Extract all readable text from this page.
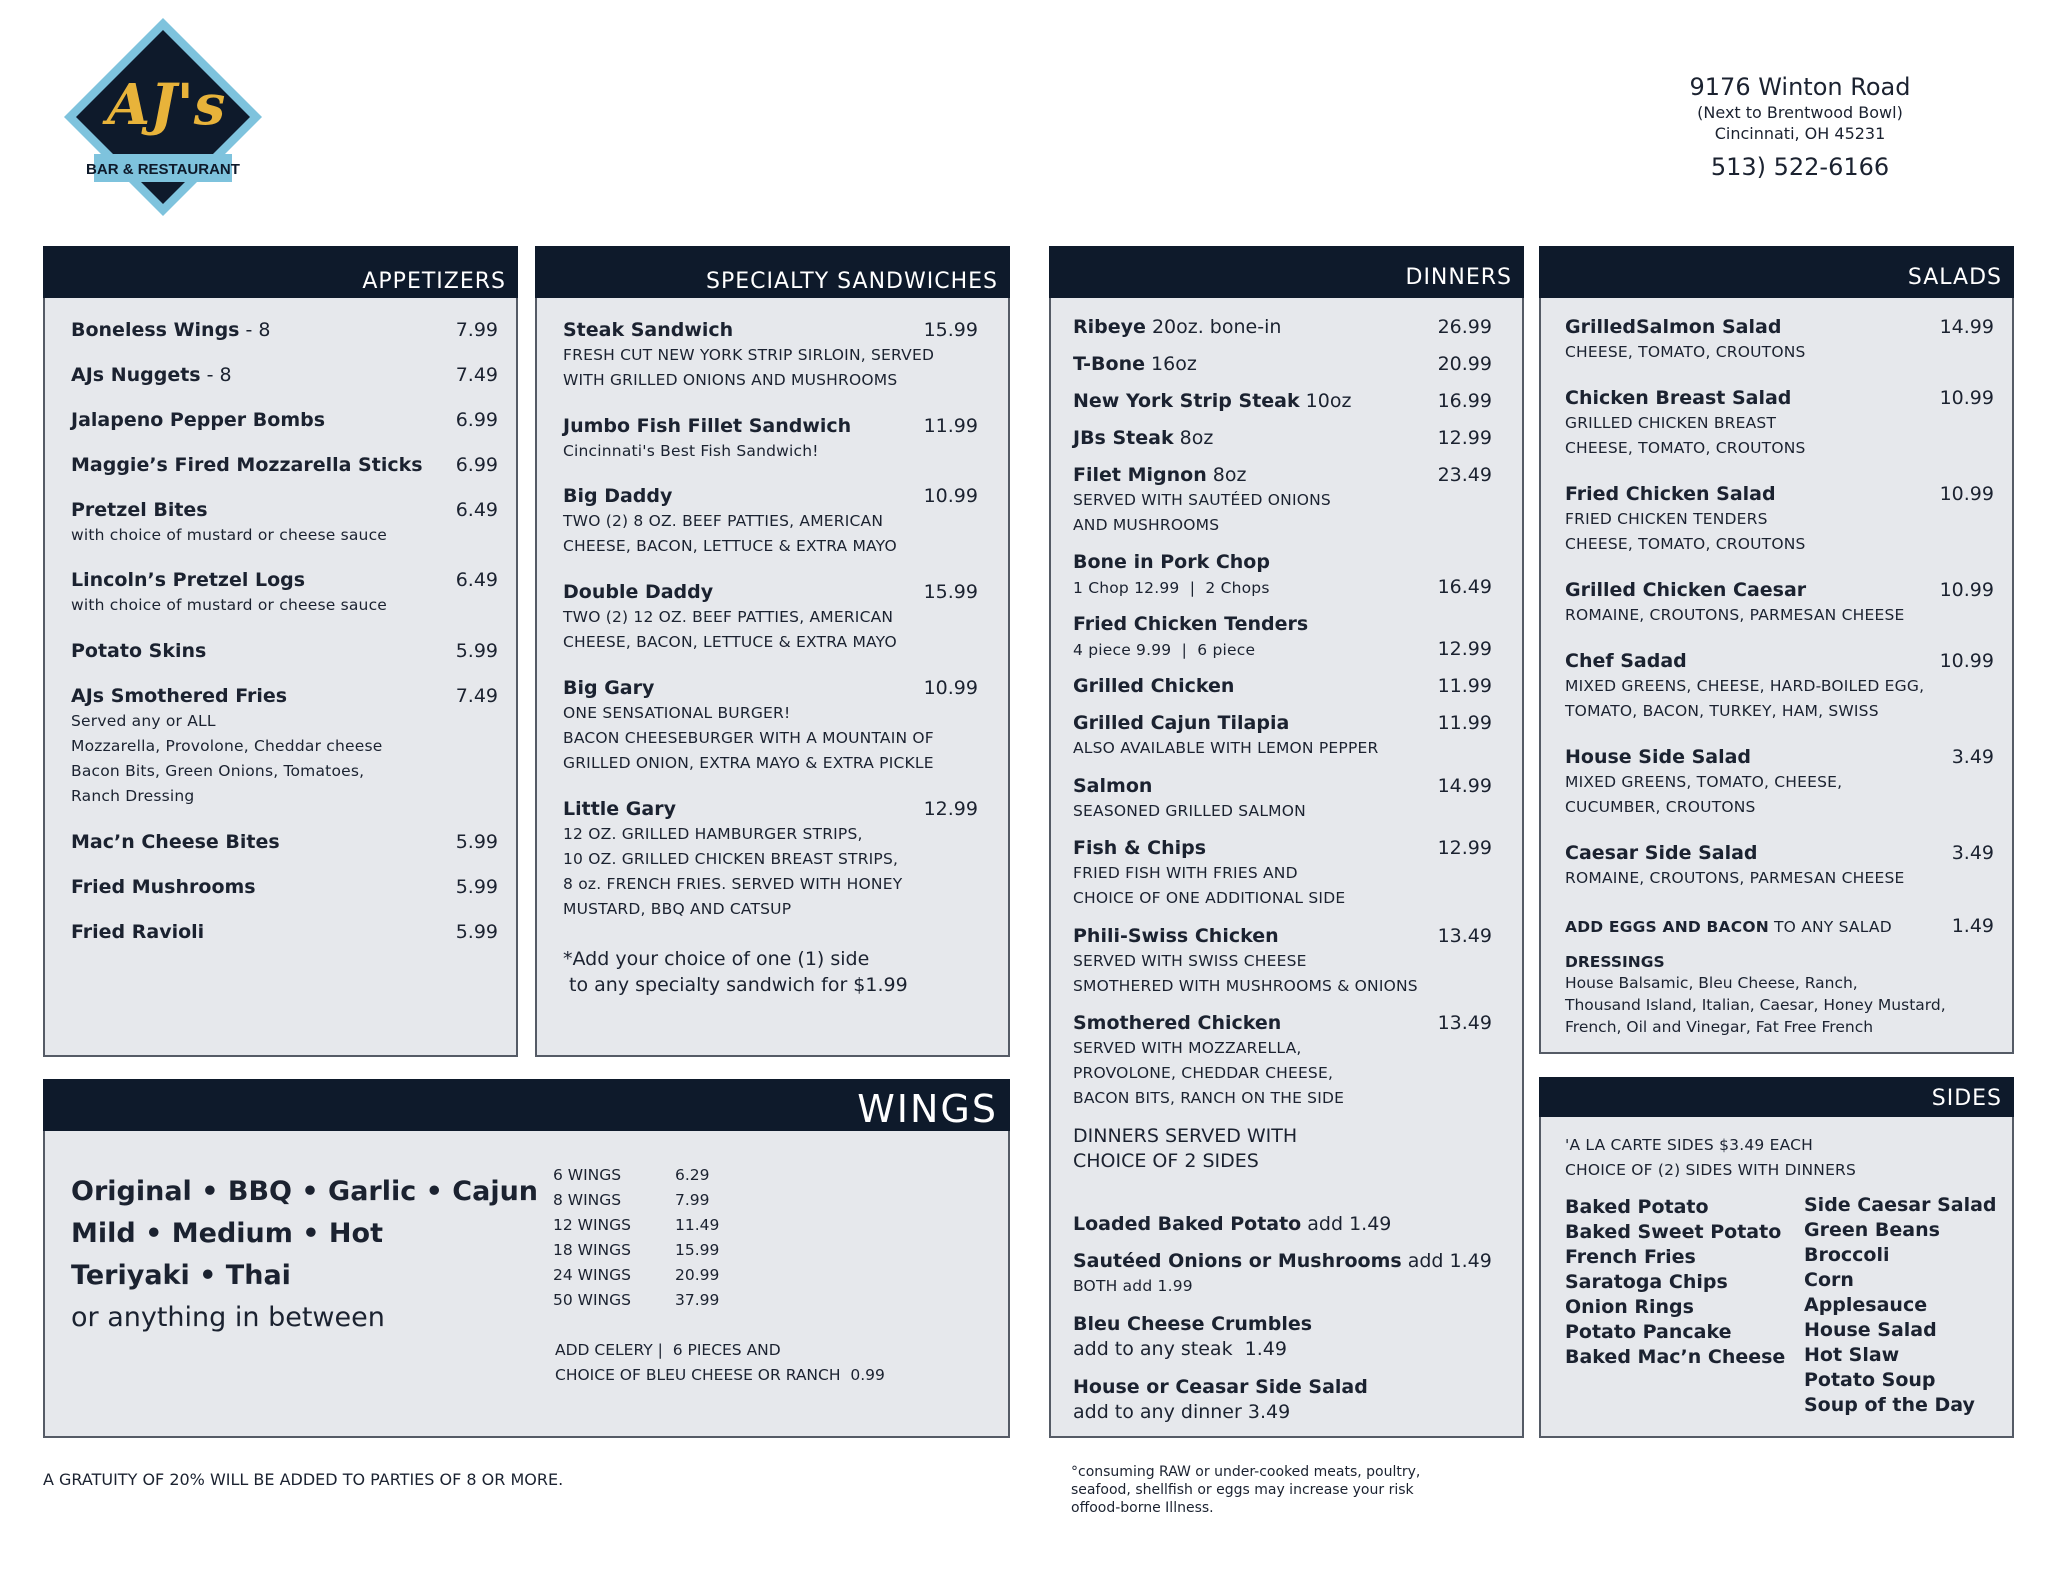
AJ's
BAR & RESTAURANT
9176 Winton Road
(Next to Brentwood Bowl)
Cincinnati, OH 45231
513) 522-6166
APPETIZERS
Boneless Wings - 8	7.99
AJs Nuggets - 8	7.49
Jalapeno Pepper Bombs	6.99
Maggie’s Fired Mozzarella Sticks 6.99
Pretzel Bites	6.49
with choice of mustard or cheese sauce
Lincoln’s Pretzel Logs	6.49
with choice of mustard or cheese sauce
Potato Skins	5.99
AJs Smothered Fries	7.49
Served any or ALL
Mozzarella, Provolone, Cheddar cheese
Bacon Bits, Green Onions, Tomatoes,
Ranch Dressing
Mac’n Cheese Bites	5.99
Fried Mushrooms	5.99
Fried Ravioli	5.99
SPECIALTY SANDWICHES
Steak Sandwich	15.99
FRESH CUT NEW YORK STRIP SIRLOIN, SERVED
WITH GRILLED ONIONS AND MUSHROOMS
Jumbo Fish Fillet Sandwich	11.99
Cincinnati's Best Fish Sandwich!
Big Daddy	10.99
TWO (2) 8 OZ. BEEF PATTIES, AMERICAN
CHEESE, BACON, LETTUCE & EXTRA MAYO
Double Daddy	15.99
TWO (2) 12 OZ. BEEF PATTIES, AMERICAN
CHEESE, BACON, LETTUCE & EXTRA MAYO
Big Gary	10.99
ONE SENSATIONAL BURGER!
BACON CHEESEBURGER WITH A MOUNTAIN OF
GRILLED ONION, EXTRA MAYO & EXTRA PICKLE
Little Gary	12.99
12 OZ. GRILLED HAMBURGER STRIPS,
10 OZ. GRILLED CHICKEN BREAST STRIPS,
8 oz. FRENCH FRIES. SERVED WITH HONEY
MUSTARD, BBQ AND CATSUP
*Add your choice of one (1) side
to any specialty sandwich for $1.99
DINNERS
Ribeye 20oz. bone-in	26.99
T-Bone 16oz	20.99
New York Strip Steak 10oz	16.99
JBs Steak 8oz	12.99
Filet Mignon 8oz	23.49
SERVED WITH SAUTÉED ONIONS
AND MUSHROOMS
Bone in Pork Chop
1 Chop 12.99  |  2 Chops	16.49
Fried Chicken Tenders
4 piece 9.99  |  6 piece	12.99
Grilled Chicken	11.99
Grilled Cajun Tilapia	11.99
ALSO AVAILABLE WITH LEMON PEPPER
Salmon	14.99
SEASONED GRILLED SALMON
Fish & Chips	12.99
FRIED FISH WITH FRIES AND
CHOICE OF ONE ADDITIONAL SIDE
Phili-Swiss Chicken	13.49
SERVED WITH SWISS CHEESE
SMOTHERED WITH MUSHROOMS & ONIONS
Smothered Chicken	13.49
SERVED WITH MOZZARELLA,
PROVOLONE, CHEDDAR CHEESE,
BACON BITS, RANCH ON THE SIDE
DINNERS SERVED WITH
CHOICE OF 2 SIDES
Loaded Baked Potato add 1.49
Sautéed Onions or Mushrooms add 1.49
BOTH add 1.99
Bleu Cheese Crumbles
add to any steak  1.49
House or Ceasar Side Salad
add to any dinner 3.49
SALADS
GrilledSalmon Salad	14.99
CHEESE, TOMATO, CROUTONS
Chicken Breast Salad	10.99
GRILLED CHICKEN BREAST
CHEESE, TOMATO, CROUTONS
Fried Chicken Salad	10.99
FRIED CHICKEN TENDERS
CHEESE, TOMATO, CROUTONS
Grilled Chicken Caesar	10.99
ROMAINE, CROUTONS, PARMESAN CHEESE
Chef Sadad	10.99
MIXED GREENS, CHEESE, HARD-BOILED EGG,
TOMATO, BACON, TURKEY, HAM, SWISS
House Side Salad	3.49
MIXED GREENS, TOMATO, CHEESE,
CUCUMBER, CROUTONS
Caesar Side Salad	3.49
ROMAINE, CROUTONS, PARMESAN CHEESE
ADD EGGS AND BACON TO ANY SALAD	1.49
DRESSINGS
House Balsamic, Bleu Cheese, Ranch,
Thousand Island, Italian, Caesar, Honey Mustard,
French, Oil and Vinegar, Fat Free French
SIDES
'A LA CARTE SIDES $3.49 EACH
CHOICE OF (2) SIDES WITH DINNERS
Baked Potato
Baked Sweet Potato
French Fries
Saratoga Chips
Onion Rings
Potato Pancake
Baked Mac’n Cheese
Side Caesar Salad
Green Beans
Broccoli
Corn
Applesauce
House Salad
Hot Slaw
Potato Soup
Soup of the Day
WINGS
Original • BBQ • Garlic • Cajun
Mild • Medium • Hot
Teriyaki • Thai
or anything in between
6 WINGS	6.29
8 WINGS	7.99
12 WINGS	11.49
18 WINGS	15.99
24 WINGS	20.99
50 WINGS	37.99
ADD CELERY |  6 PIECES AND
CHOICE OF BLEU CHEESE OR RANCH  0.99
A GRATUITY OF 20% WILL BE ADDED TO PARTIES OF 8 OR MORE.	°consuming RAW or under-cooked meats, poultry,
seafood, shellfish or eggs may increase your risk
offood-borne Illness.
